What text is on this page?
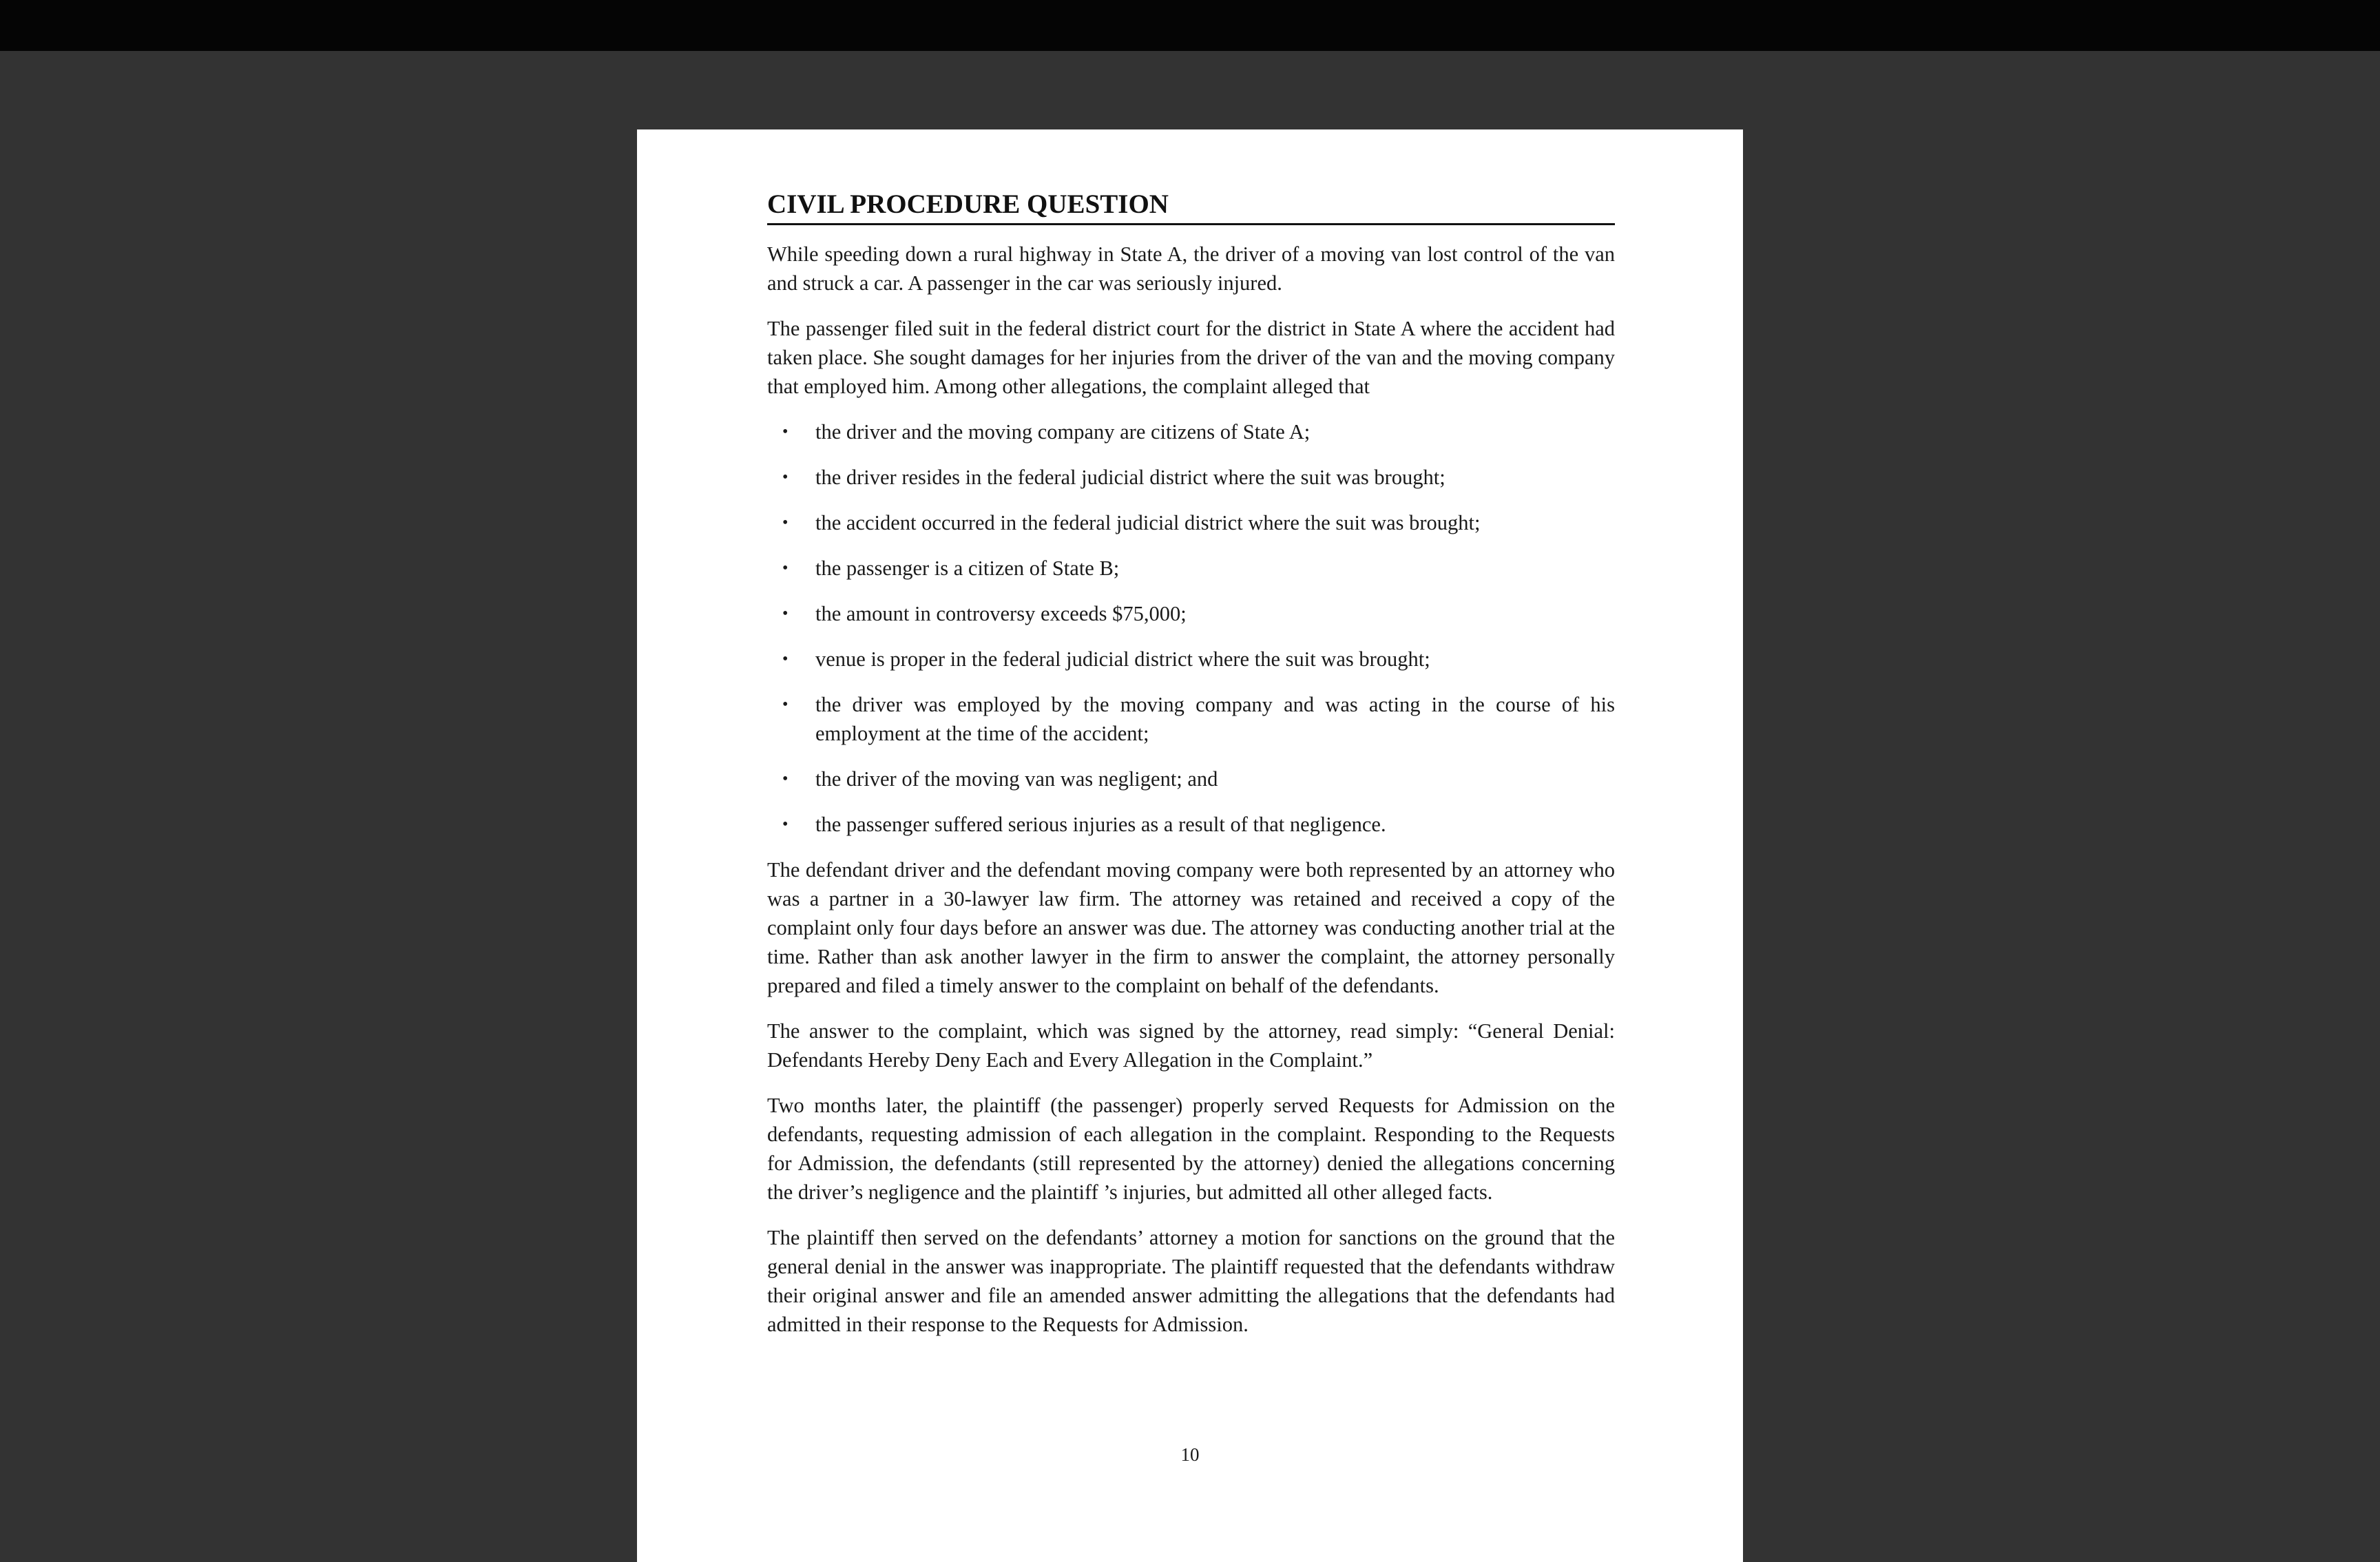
CIVIL PROCEDURE QUESTION

While speeding down a rural highway in State A, the driver of a moving van lost control of the van and struck a car. A passenger in the car was seriously injured.

The passenger filed suit in the federal district court for the district in State A where the accident had taken place. She sought damages for her injuries from the driver of the van and the moving company that employed him. Among other allegations, the complaint alleged that

• the driver and the moving company are citizens of State A;
• the driver resides in the federal judicial district where the suit was brought;
• the accident occurred in the federal judicial district where the suit was brought;
• the passenger is a citizen of State B;
• the amount in controversy exceeds $75,000;
• venue is proper in the federal judicial district where the suit was brought;
• the driver was employed by the moving company and was acting in the course of his employment at the time of the accident;
• the driver of the moving van was negligent; and
• the passenger suffered serious injuries as a result of that negligence.

The defendant driver and the defendant moving company were both represented by an attorney who was a partner in a 30-lawyer law firm. The attorney was retained and received a copy of the complaint only four days before an answer was due. The attorney was conducting another trial at the time. Rather than ask another lawyer in the firm to answer the complaint, the attorney personally prepared and filed a timely answer to the complaint on behalf of the defendants.

The answer to the complaint, which was signed by the attorney, read simply: “General Denial: Defendants Hereby Deny Each and Every Allegation in the Complaint.”

Two months later, the plaintiff (the passenger) properly served Requests for Admission on the defendants, requesting admission of each allegation in the complaint. Responding to the Requests for Admission, the defendants (still represented by the attorney) denied the allegations concerning the driver’s negligence and the plaintiff ’s injuries, but admitted all other alleged facts.

The plaintiff then served on the defendants’ attorney a motion for sanctions on the ground that the general denial in the answer was inappropriate. The plaintiff requested that the defendants withdraw their original answer and file an amended answer admitting the allegations that the defendants had admitted in their response to the Requests for Admission.

10
